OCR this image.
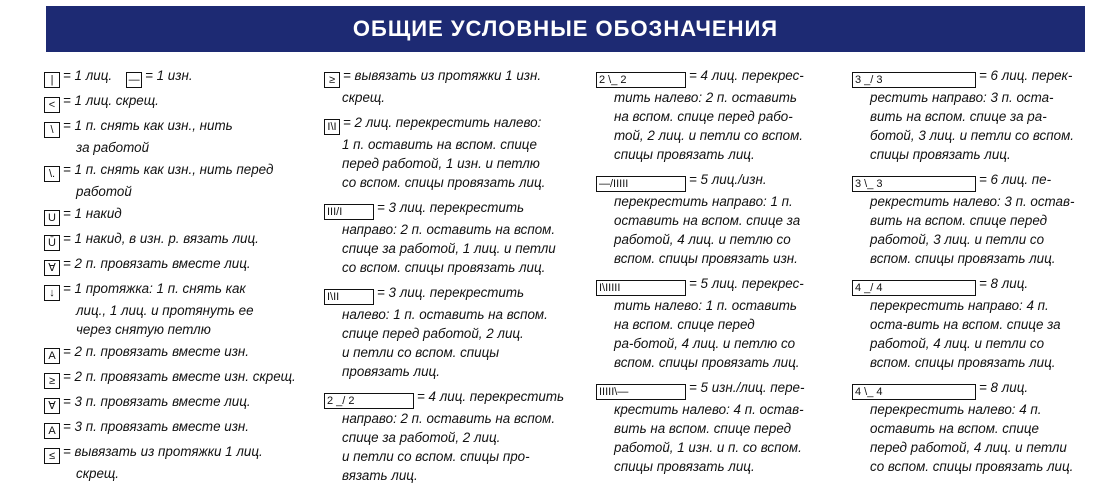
ОБЩИЕ УСЛОВНЫЕ ОБОЗНАЧЕНИЯ
| = 1 лиц. — = 1 изн.
< = 1 лиц. скрещ.
\ = 1 п. снять как изн., нить
за работой
\. = 1 п. снять как изн., нить перед
работой
U = 1 накид
Ū = 1 накид, в изн. р. вязать лиц.
∀ = 2 п. провязать вместе лиц.
↓ = 1 протяжка: 1 п. снять как
лиц., 1 лиц. и протянуть ее
через снятую петлю
A = 2 п. провязать вместе изн.
≥ = 2 п. провязать вместе изн. скрещ.
∀ = 3 п. провязать вместе лиц.
A = 3 п. провязать вместе изн.
≤ = вывязать из протяжки 1 лиц.
скрещ.
≥ = вывязать из протяжки 1 изн.
скрещ.
I\I = 2 лиц. перекрестить налево:
1 п. оставить на вспом. спице
перед работой, 1 изн. и петлю
со вспом. спицы провязать лиц.
III/I	= 3 лиц. перекрестить
направо: 2 п. оставить на вспом.
спице за работой, 1 лиц. и петли
со вспом. спицы провязать лиц.
I\II	= 3 лиц. перекрестить
налево: 1 п. оставить на вспом.
спице перед работой, 2 лиц.
и петли со вспом. спицы
провязать лиц.
2 _/ 2	= 4 лиц. перекрестить
направо: 2 п. оставить на вспом.
спице за работой, 2 лиц.
и петли со вспом. спицы про-
вязать лиц.
2 \_ 2	= 4 лиц. перекрес-
тить налево: 2 п. оставить
на вспом. спице перед рабо-
той, 2 лиц. и петли со вспом.
спицы провязать лиц.
—/IIIII	= 5 лиц./изн.
перекрестить направо: 1 п.
оставить на вспом. спице за
работой, 4 лиц. и петлю со
вспом. спицы провязать изн.
I\IIIII	= 5 лиц. перекрес-
тить налево: 1 п. оставить
на вспом. спице перед
ра-ботой, 4 лиц. и петлю со
вспом. спицы провязать лиц.
IIIII\—	= 5 изн./лиц. пере-
крестить налево: 4 п. остав-
вить на вспом. спице перед
работой, 1 изн. и п. со вспом.
спицы провязать лиц.
3 _/ 3	= 6 лиц. перек-
рестить направо: 3 п. оста-
вить на вспом. спице за ра-
ботой, 3 лиц. и петли со вспом.
спицы провязать лиц.
3 \_ 3	= 6 лиц. пе-
рекрестить налево: 3 п. остав-
вить на вспом. спице перед
работой, 3 лиц. и петли со
вспом. спицы провязать лиц.
4 _/ 4	= 8 лиц.
перекрестить направо: 4 п.
оста-вить на вспом. спице за
работой, 4 лиц. и петли со
вспом. спицы провязать лиц.
4 \_ 4	= 8 лиц.
перекрестить налево: 4 п.
оставить на вспом. спице
перед работой, 4 лиц. и петли
со вспом. спицы провязать лиц.
